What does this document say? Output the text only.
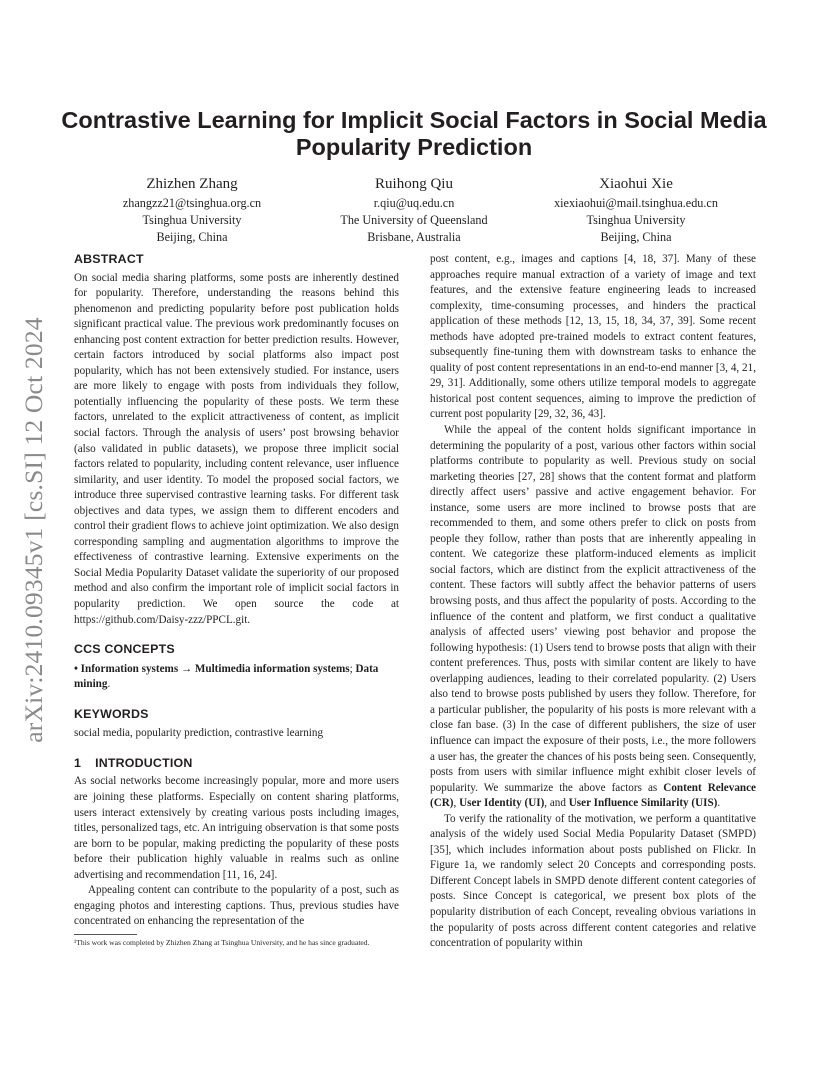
arXiv:2410.09345v1 [cs.SI] 12 Oct 2024
Contrastive Learning for Implicit Social Factors in Social Media Popularity Prediction
Zhizhen Zhang
zhangzz21@tsinghua.org.cn
Tsinghua University
Beijing, China
Ruihong Qiu
r.qiu@uq.edu.cn
The University of Queensland
Brisbane, Australia
Xiaohui Xie
xiexiaohui@mail.tsinghua.edu.cn
Tsinghua University
Beijing, China
ABSTRACT

On social media sharing platforms, some posts are inherently destined for popularity. Therefore, understanding the reasons behind this phenomenon and predicting popularity before post publication holds significant practical value. The previous work predominantly focuses on enhancing post content extraction for better prediction results. However, certain factors introduced by social platforms also impact post popularity, which has not been extensively studied. For instance, users are more likely to engage with posts from individuals they follow, potentially influencing the popularity of these posts. We term these factors, unrelated to the explicit attractiveness of content, as implicit social factors. Through the analysis of users’ post browsing behavior (also validated in public datasets), we propose three implicit social factors related to popularity, including content relevance, user influence similarity, and user identity. To model the proposed social factors, we introduce three supervised contrastive learning tasks. For different task objectives and data types, we assign them to different encoders and control their gradient flows to achieve joint optimization. We also design corresponding sampling and augmentation algorithms to improve the effectiveness of contrastive learning. Extensive experiments on the Social Media Popularity Dataset validate the superiority of our proposed method and also confirm the important role of implicit social factors in popularity prediction. We open source the code at https://github.com/Daisy-zzz/PPCL.git.

CCS CONCEPTS

• Information systems → Multimedia information systems; Data mining.

KEYWORDS

social media, popularity prediction, contrastive learning

1 INTRODUCTION

As social networks become increasingly popular, more and more users are joining these platforms. Especially on content sharing platforms, users interact extensively by creating various posts including images, titles, personalized tags, etc. An intriguing observation is that some posts are born to be popular, making predicting the popularity of these posts before their publication highly valuable in realms such as online advertising and recommendation [11, 16, 24].

Appealing content can contribute to the popularity of a post, such as engaging photos and interesting captions. Thus, previous studies have concentrated on enhancing the representation of the

¹This work was completed by Zhizhen Zhang at Tsinghua University, and he has since graduated.

post content, e.g., images and captions [4, 18, 37]. Many of these approaches require manual extraction of a variety of image and text features, and the extensive feature engineering leads to increased complexity, time-consuming processes, and hinders the practical application of these methods [12, 13, 15, 18, 34, 37, 39]. Some recent methods have adopted pre-trained models to extract content features, subsequently fine-tuning them with downstream tasks to enhance the quality of post content representations in an end-to-end manner [3, 4, 21, 29, 31]. Additionally, some others utilize temporal models to aggregate historical post content sequences, aiming to improve the prediction of current post popularity [29, 32, 36, 43].

While the appeal of the content holds significant importance in determining the popularity of a post, various other factors within social platforms contribute to popularity as well. Previous study on social marketing theories [27, 28] shows that the content format and platform directly affect users’ passive and active engagement behavior. For instance, some users are more inclined to browse posts that are recommended to them, and some others prefer to click on posts from people they follow, rather than posts that are inherently appealing in content. We categorize these platform-induced elements as implicit social factors, which are distinct from the explicit attractiveness of the content. These factors will subtly affect the behavior patterns of users browsing posts, and thus affect the popularity of posts. According to the influence of the content and platform, we first conduct a qualitative analysis of affected users’ viewing post behavior and propose the following hypothesis: (1) Users tend to browse posts that align with their content preferences. Thus, posts with similar content are likely to have overlapping audiences, leading to their correlated popularity. (2) Users also tend to browse posts published by users they follow. Therefore, for a particular publisher, the popularity of his posts is more relevant with a close fan base. (3) In the case of different publishers, the size of user influence can impact the exposure of their posts, i.e., the more followers a user has, the greater the chances of his posts being seen. Consequently, posts from users with similar influence might exhibit closer levels of popularity. We summarize the above factors as Content Relevance (CR), User Identity (UI), and User Influence Similarity (UIS).

To verify the rationality of the motivation, we perform a quantitative analysis of the widely used Social Media Popularity Dataset (SMPD) [35], which includes information about posts published on Flickr. In Figure 1a, we randomly select 20 Concepts and corresponding posts. Different Concept labels in SMPD denote different content categories of posts. Since Concept is categorical, we present box plots of the popularity distribution of each Concept, revealing obvious variations in the popularity of posts across different content categories and relative concentration of popularity within
